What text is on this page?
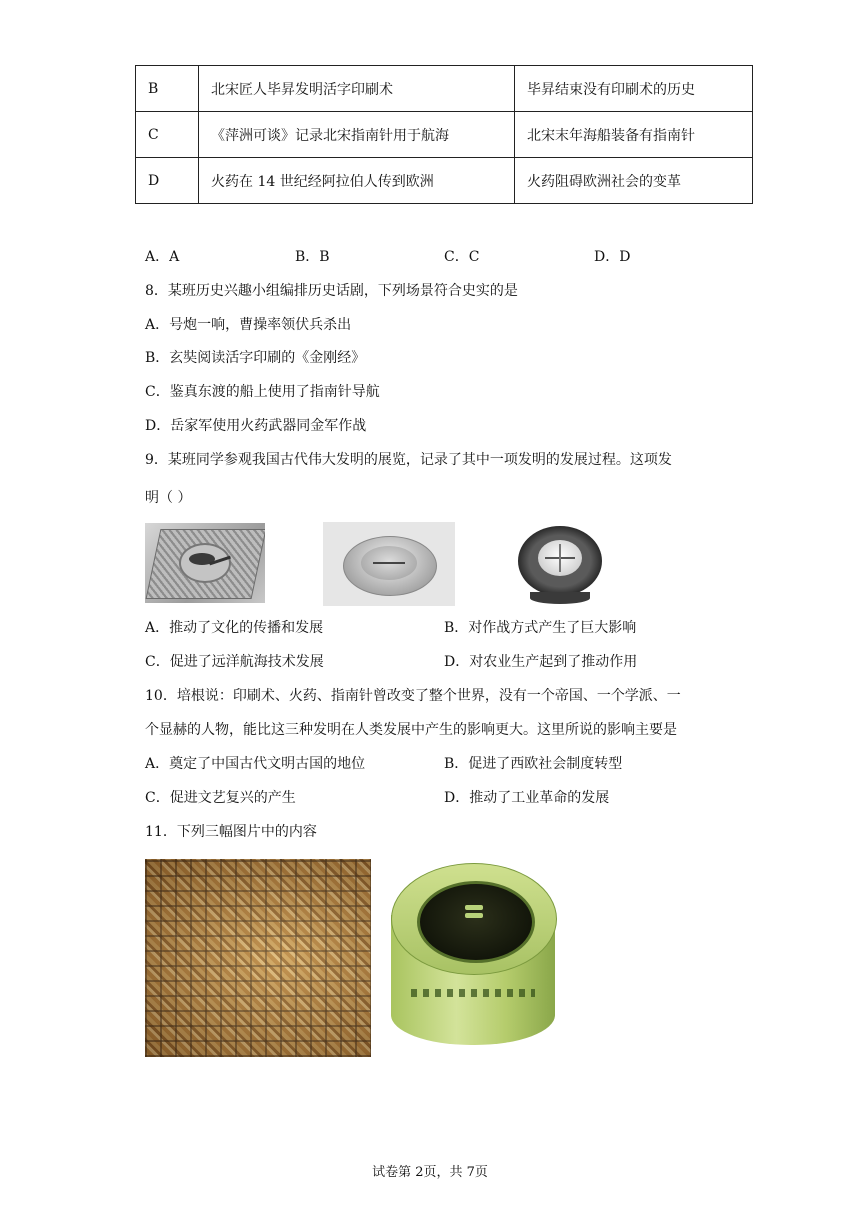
B	北宋匠人毕昇发明活字印刷术	毕昇结束没有印刷术的历史
C	《萍洲可谈》记录北宋指南针用于航海	北宋末年海船装备有指南针
D	火药在 14 世纪经阿拉伯人传到欧洲	火药阻碍欧洲社会的变革
A．A	B．B	C．C	D．D
8．某班历史兴趣小组编排历史话剧，下列场景符合史实的是
A．号炮一响，曹操率领伏兵杀出
B．玄奘阅读活字印刷的《金刚经》
C．鉴真东渡的船上使用了指南针导航
D．岳家军使用火药武器同金军作战
9．某班同学参观我国古代伟大发明的展览，记录了其中一项发明的发展过程。这项发
明（ ）
A．推动了文化的传播和发展	B．对作战方式产生了巨大影响
C．促进了远洋航海技术发展	D．对农业生产起到了推动作用
10．培根说：印刷术、火药、指南针曾改变了整个世界，没有一个帝国、一个学派、一
个显赫的人物，能比这三种发明在人类发展中产生的影响更大。这里所说的影响主要是
A．奠定了中国古代文明古国的地位	B．促进了西欧社会制度转型
C．促进文艺复兴的产生	D．推动了工业革命的发展
11．下列三幅图片中的内容
试卷第 2页，共 7页
